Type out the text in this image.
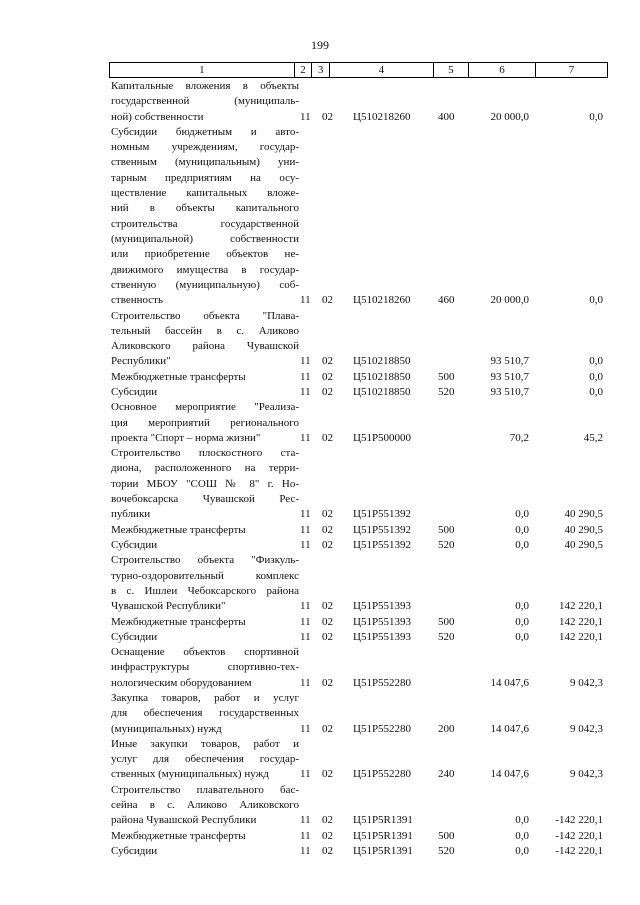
199
1	2	3	4	5	6	7
Капитальные вложения в объекты
государственной (муниципаль-
ной) собственности	11 02 Ц510218260	400	20 000,0	0,0
Субсидии бюджетным и авто-
номным учреждениям, государ-
ственным (муниципальным) уни-
тарным предприятиям на осу-
ществление капитальных вложе-
ний в объекты капитального
строительства государственной
(муниципальной) собственности
или приобретение объектов не-
движимого имущества в государ-
ственную (муниципальную) соб-
ственность	11 02 Ц510218260	460	20 000,0	0,0
Строительство объекта "Плава-
тельный бассейн в с. Аликово
Аликовского района Чувашской
Республики"	11 02 Ц510218850	93 510,7	0,0
Межбюджетные трансферты	11 02 Ц510218850	500	93 510,7	0,0
Субсидии	11 02 Ц510218850	520	93 510,7	0,0
Основное мероприятие "Реализа-
ция мероприятий регионального
проекта "Спорт – норма жизни"	11 02 Ц51Р500000	70,2	45,2
Строительство плоскостного ста-
диона, расположенного на терри-
тории МБОУ "СОШ № 8" г. Но-
вочебоксарска Чувашской Рес-
публики	11 02 Ц51Р551392	0,0	40 290,5
Межбюджетные трансферты	11 02 Ц51Р551392 500	0,0	40 290,5
Субсидии	11 02 Ц51Р551392 520	0,0	40 290,5
Строительство объекта "Физкуль-
турно-оздоровительный комплекс
в с. Ишлеи Чебоксарского района
Чувашской Республики"	11 02 Ц51Р551393	0,0	142 220,1
Межбюджетные трансферты	11 02 Ц51Р551393 500	0,0	142 220,1
Субсидии	11 02 Ц51Р551393 520	0,0	142 220,1
Оснащение объектов спортивной
инфраструктуры спортивно-тех-
нологическим оборудованием	11 02 Ц51Р552280	14 047,6	9 042,3
Закупка товаров, работ и услуг
для обеспечения государственных
(муниципальных) нужд	11 02 Ц51Р552280 200	14 047,6	9 042,3
Иные закупки товаров, работ и
услуг для обеспечения государ-
ственных (муниципальных) нужд	11 02 Ц51Р552280 240	14 047,6	9 042,3
Строительство плавательного бас-
сейна в с. Аликово Аликовского
района Чувашской Республики	11 02 Ц51Р5R1391	0,0 -142 220,1
Межбюджетные трансферты	11 02 Ц51Р5R1391 500	0,0 -142 220,1
Субсидии	11 02 Ц51Р5R1391 520	0,0 -142 220,1
